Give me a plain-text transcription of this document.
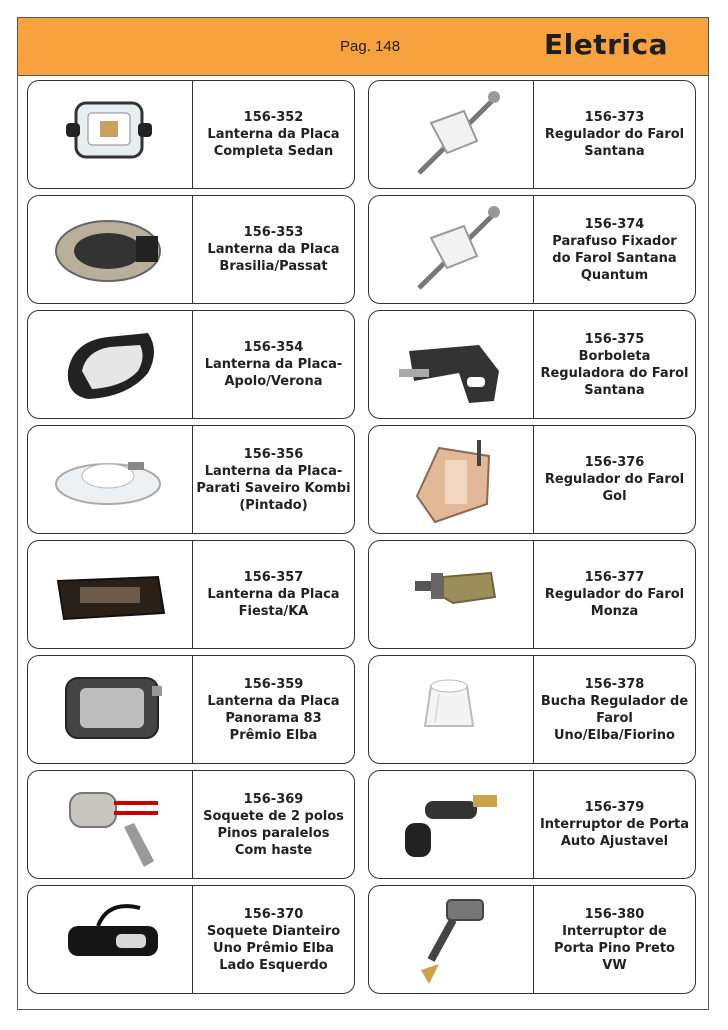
Pag. 148	Eletrica
156-352
Lanterna da Placa
Completa Sedan
156-373
Regulador do Farol
Santana
156-353
Lanterna da Placa
Brasilia/Passat
156-374
Parafuso Fixador
do Farol Santana
Quantum
156-354
Lanterna da Placa-
Apolo/Verona
156-375
Borboleta
Reguladora do Farol
Santana
156-356
Lanterna da Placa-
Parati Saveiro Kombi
(Pintado)
156-376
Regulador do Farol
Gol
156-357
Lanterna da Placa
Fiesta/KA
156-377
Regulador do Farol
Monza
156-359
Lanterna da Placa
Panorama 83
Prêmio Elba
156-378
Bucha Regulador de
Farol
Uno/Elba/Fiorino
156-369
Soquete de 2 polos
Pinos paralelos
Com haste
156-379
Interruptor de Porta
Auto Ajustavel
156-370
Soquete Dianteiro
Uno Prêmio Elba
Lado Esquerdo
156-380
Interruptor de
Porta Pino Preto
VW
